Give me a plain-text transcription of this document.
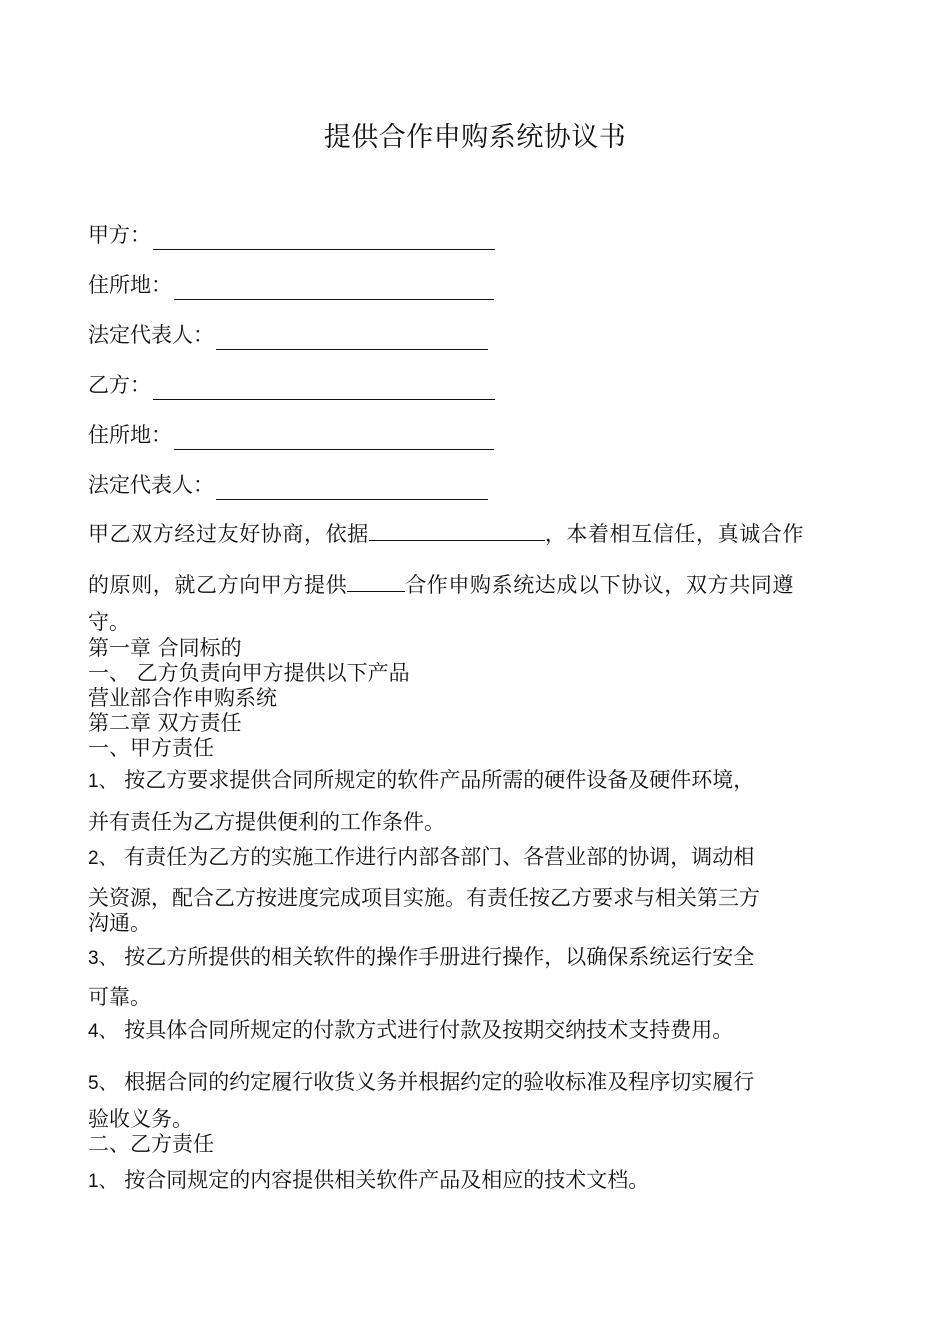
提供合作申购系统协议书
甲方：
住所地：
法定代表人：
乙方：
住所地：
法定代表人：
甲乙双方经过友好协商，依据	，本着相互信任，真诚合作
的原则，就乙方向甲方提供	合作申购系统达成以下协议，双方共同遵
守。
第一章 合同标的
一、 乙方负责向甲方提供以下产品
营业部合作申购系统
第二章 双方责任
一、甲方责任
1、 按乙方要求提供合同所规定的软件产品所需的硬件设备及硬件环境，
并有责任为乙方提供便利的工作条件。
2、 有责任为乙方的实施工作进行内部各部门、各营业部的协调，调动相
关资源，配合乙方按进度完成项目实施。有责任按乙方要求与相关第三方
沟通。
3、 按乙方所提供的相关软件的操作手册进行操作，以确保系统运行安全
可靠。
4、 按具体合同所规定的付款方式进行付款及按期交纳技术支持费用。
5、 根据合同的约定履行收货义务并根据约定的验收标准及程序切实履行
验收义务。
二、乙方责任
1、 按合同规定的内容提供相关软件产品及相应的技术文档。
